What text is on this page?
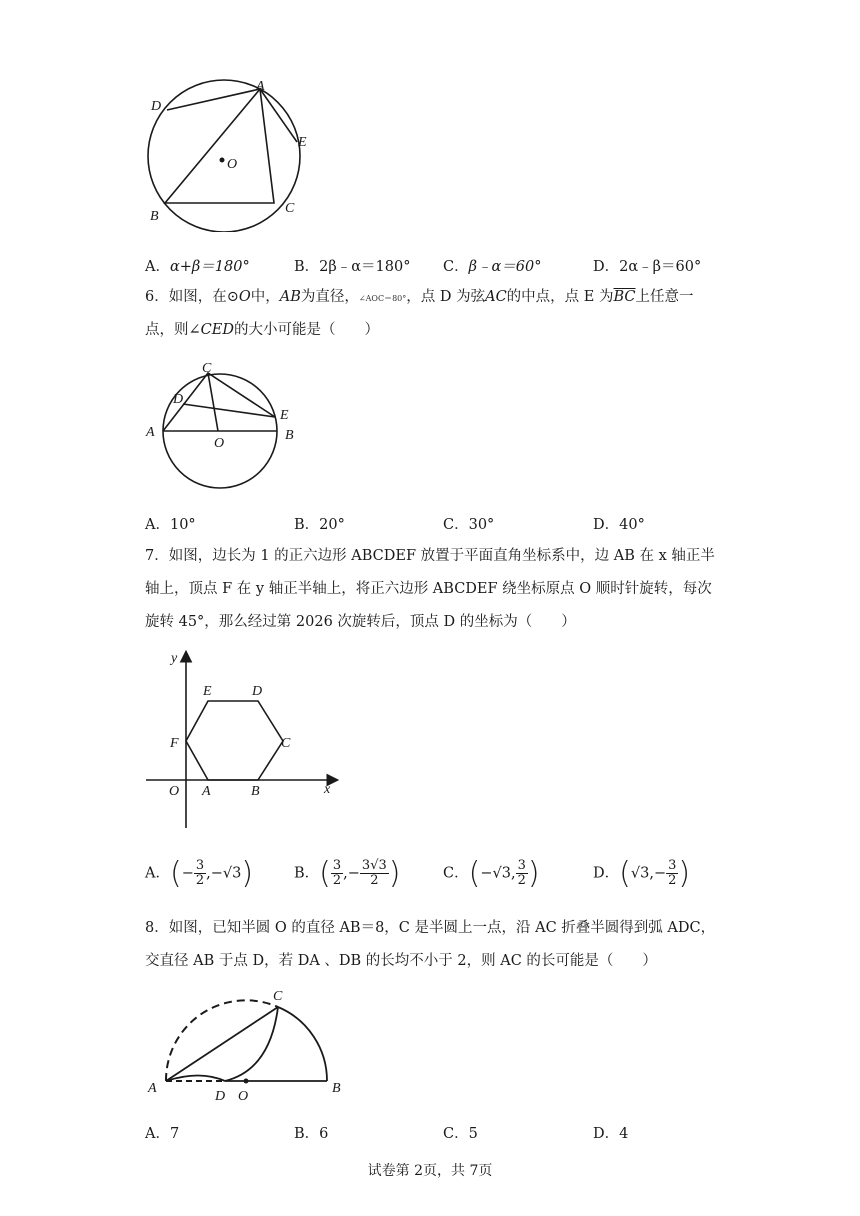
D
A
E
O
B
C
A．α+β＝180°	B．2β﹣α＝180° C．β﹣α＝60°	D．2α﹣β＝60°
6．如图，在⊙O中，AB为直径，∠AOC＝80°，点 D 为弦AC的中点，点 E 为$\overline{BC}$上任意一
点，则∠CED的大小可能是（　　）
C
D
E
A
O
B
A．10°	B．20°	C．30°	D．40°
7．如图，边长为 1 的正六边形 ABCDEF 放置于平面直角坐标系中，边 AB 在 x 轴正半
轴上，顶点 F 在 y 轴正半轴上，将正六边形 ABCDEF 绕坐标原点 O 顺时针旋转，每次
旋转 45°，那么经过第 2026 次旋转后，顶点 D 的坐标为（　　）
y
E	D
F	C
O A	B	x
A．(− $\frac{3}{2} ,-√3$)	B．( $\frac{3}{2}$ ,− $\frac{3√3}{2}$ )	C．(−√3, $\frac{3}{2}$ )	D．($√3,- \frac{3}{2}$ )
8．如图，已知半圆 O 的直径 AB＝8，C 是半圆上一点，沿 AC 折叠半圆得到弧 ADC，
交直径 AB 于点 D，若 DA 、DB 的长均不小于 2，则 AC 的长可能是（　　）
C
A
D O
B
A．7	B．6	C．5	D．4
试卷第 2页，共 7页
